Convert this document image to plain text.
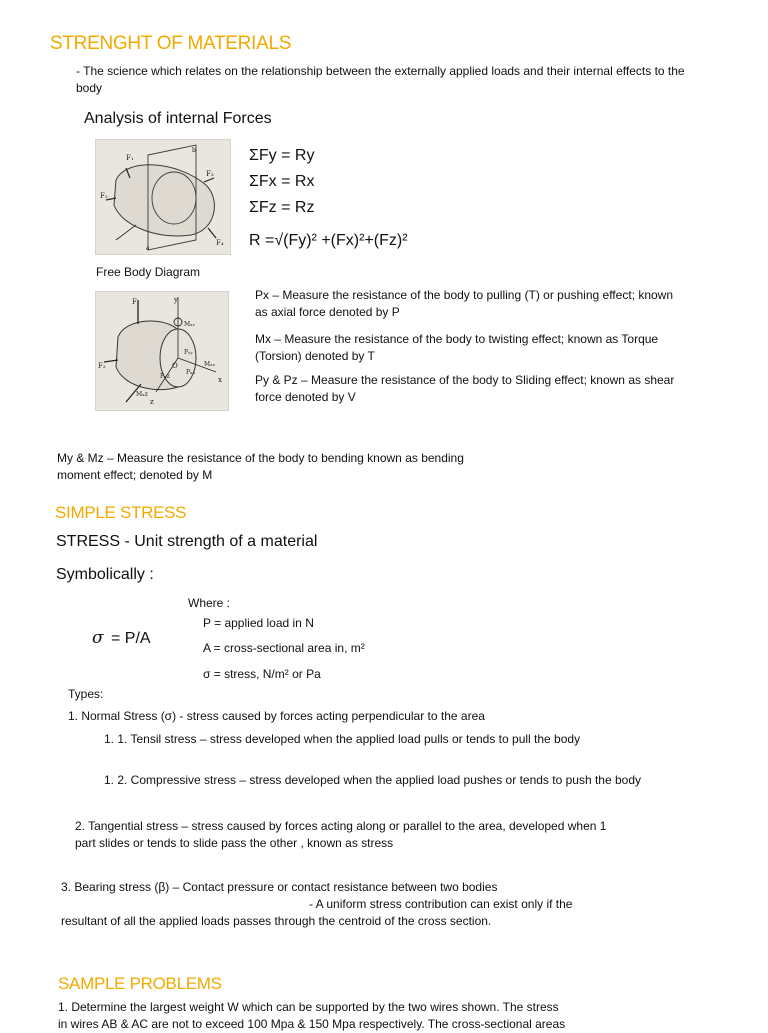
STRENGHT OF MATERIALS
- The science which relates on the relationship between the externally applied loads and their internal effects to the body
Analysis of internal Forces
F₁
F₂
F₃
F₄
a
b	ΣFy = Ry
ΣFx = Rx
ΣFz = Rz
R =√(Fy)² +(Fx)²+(Fz)²
Free Body Diagram
y
F₁
F₂
Mₓᵧ
Pᵧᵧ
Pₓₓ
Mₓₓ
Pₓz
Mₓz
x
z
O
Px – Measure the resistance of the body to pulling (T) or pushing effect; known as axial force denoted by P
Mx – Measure the resistance of the body to twisting effect; known as Torque (Torsion) denoted by T
Py & Pz – Measure the resistance of the body to Sliding effect; known as shear force denoted by V
My & Mz – Measure the resistance of the body to bending known as bending moment effect; denoted by M
SIMPLE STRESS
STRESS - Unit strength of a material
Symbolically :
Where :
σ = P/A
P = applied load in N
A = cross-sectional area in, m²
σ = stress, N/m² or Pa
Types:
1. Normal Stress (σ) - stress caused by forces acting perpendicular to the area
1. 1. Tensil stress – stress developed when the applied load pulls or tends to pull the body
1. 2. Compressive stress – stress developed when the applied load pushes or tends to push the body
2. Tangential stress – stress caused by forces acting along or parallel to the area, developed when 1 part slides or tends to slide pass the other , known as stress
3. Bearing stress (β) – Contact pressure or contact resistance between two bodies
- A uniform stress contribution can exist only if the
resultant of all the applied loads passes through the centroid of the cross section.
SAMPLE PROBLEMS
1. Determine the largest weight W which can be supported by the two wires shown. The stress
in wires AB & AC are not to exceed 100 Mpa & 150 Mpa respectively. The cross-sectional areas
